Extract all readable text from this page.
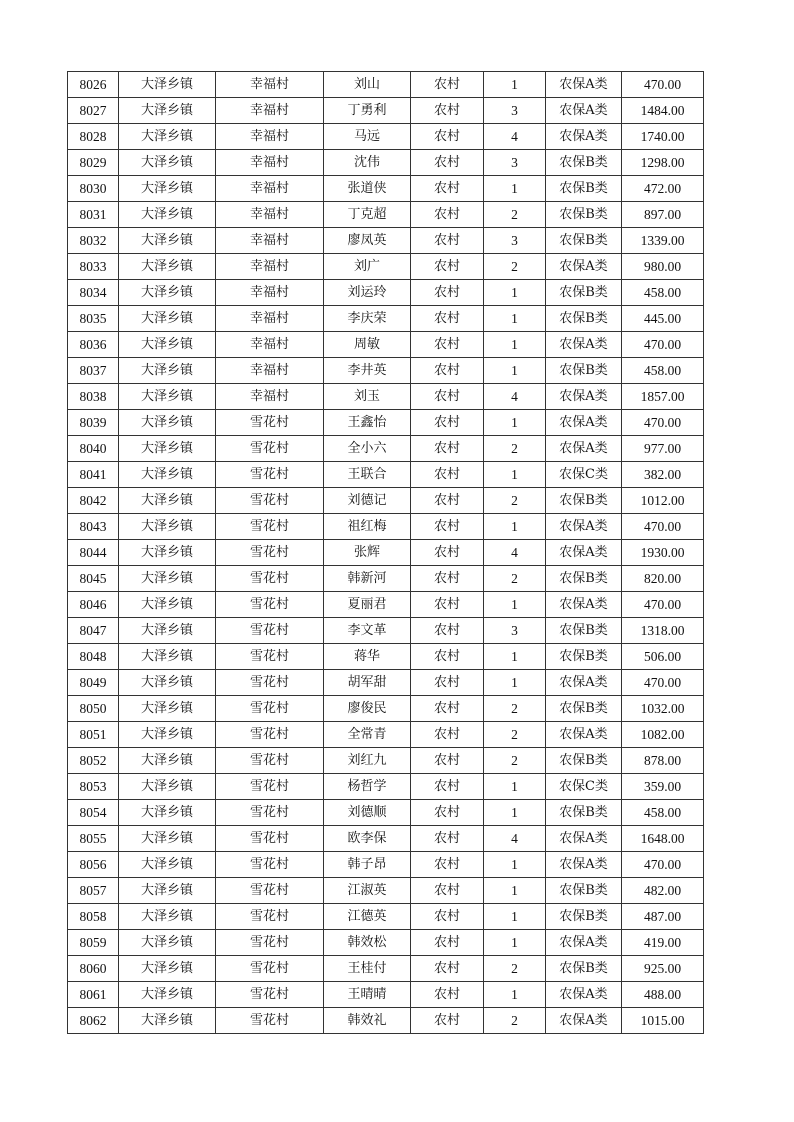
8026	大泽乡镇	幸福村	刘山	农村	1	农保A类	470.00
8027	大泽乡镇	幸福村	丁勇利	农村	3	农保A类	1484.00
8028	大泽乡镇	幸福村	马远	农村	4	农保A类	1740.00
8029	大泽乡镇	幸福村	沈伟	农村	3	农保B类	1298.00
8030	大泽乡镇	幸福村	张道侠	农村	1	农保B类	472.00
8031	大泽乡镇	幸福村	丁克超	农村	2	农保B类	897.00
8032	大泽乡镇	幸福村	廖凤英	农村	3	农保B类	1339.00
8033	大泽乡镇	幸福村	刘广	农村	2	农保A类	980.00
8034	大泽乡镇	幸福村	刘运玲	农村	1	农保B类	458.00
8035	大泽乡镇	幸福村	李庆荣	农村	1	农保B类	445.00
8036	大泽乡镇	幸福村	周敏	农村	1	农保A类	470.00
8037	大泽乡镇	幸福村	李井英	农村	1	农保B类	458.00
8038	大泽乡镇	幸福村	刘玉	农村	4	农保A类	1857.00
8039	大泽乡镇	雪花村	王鑫怡	农村	1	农保A类	470.00
8040	大泽乡镇	雪花村	全小六	农村	2	农保A类	977.00
8041	大泽乡镇	雪花村	王联合	农村	1	农保C类	382.00
8042	大泽乡镇	雪花村	刘德记	农村	2	农保B类	1012.00
8043	大泽乡镇	雪花村	祖红梅	农村	1	农保A类	470.00
8044	大泽乡镇	雪花村	张辉	农村	4	农保A类	1930.00
8045	大泽乡镇	雪花村	韩新河	农村	2	农保B类	820.00
8046	大泽乡镇	雪花村	夏丽君	农村	1	农保A类	470.00
8047	大泽乡镇	雪花村	李文革	农村	3	农保B类	1318.00
8048	大泽乡镇	雪花村	蒋华	农村	1	农保B类	506.00
8049	大泽乡镇	雪花村	胡军甜	农村	1	农保A类	470.00
8050	大泽乡镇	雪花村	廖俊民	农村	2	农保B类	1032.00
8051	大泽乡镇	雪花村	全常青	农村	2	农保A类	1082.00
8052	大泽乡镇	雪花村	刘红九	农村	2	农保B类	878.00
8053	大泽乡镇	雪花村	杨哲学	农村	1	农保C类	359.00
8054	大泽乡镇	雪花村	刘德顺	农村	1	农保B类	458.00
8055	大泽乡镇	雪花村	欧李保	农村	4	农保A类	1648.00
8056	大泽乡镇	雪花村	韩子昂	农村	1	农保A类	470.00
8057	大泽乡镇	雪花村	江淑英	农村	1	农保B类	482.00
8058	大泽乡镇	雪花村	江德英	农村	1	农保B类	487.00
8059	大泽乡镇	雪花村	韩效松	农村	1	农保A类	419.00
8060	大泽乡镇	雪花村	王桂付	农村	2	农保B类	925.00
8061	大泽乡镇	雪花村	王晴晴	农村	1	农保A类	488.00
8062	大泽乡镇	雪花村	韩效礼	农村	2	农保A类	1015.00
